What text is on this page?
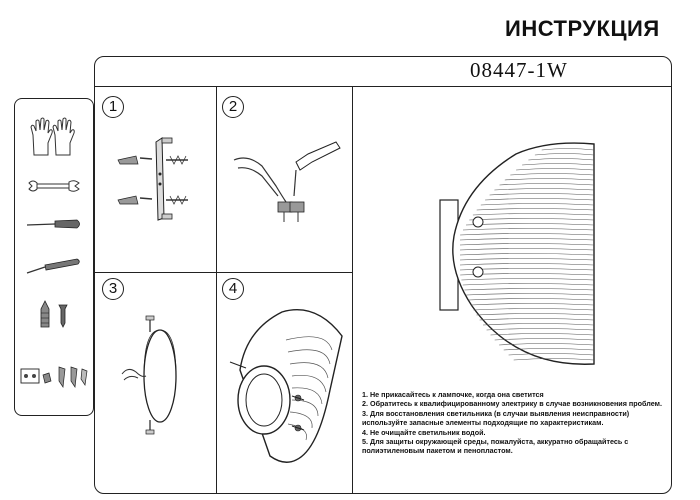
ИНСТРУКЦИЯ
08447-1W
1	2
3	4
1. Не прикасайтесь к лампочке, когда она светится
2. Обратитесь к квалифицированному электрику в случае возникновения проблем.
3. Для восстановления светильника (в случаи выявления неисправности) используйте запасные элементы подходящие по характеристикам.
4. Не очищайте светильник водой.
5. Для защиты окружающей среды, пожалуйста, аккуратно обращайтесь с полиэтиленовым пакетом и пенопластом.
